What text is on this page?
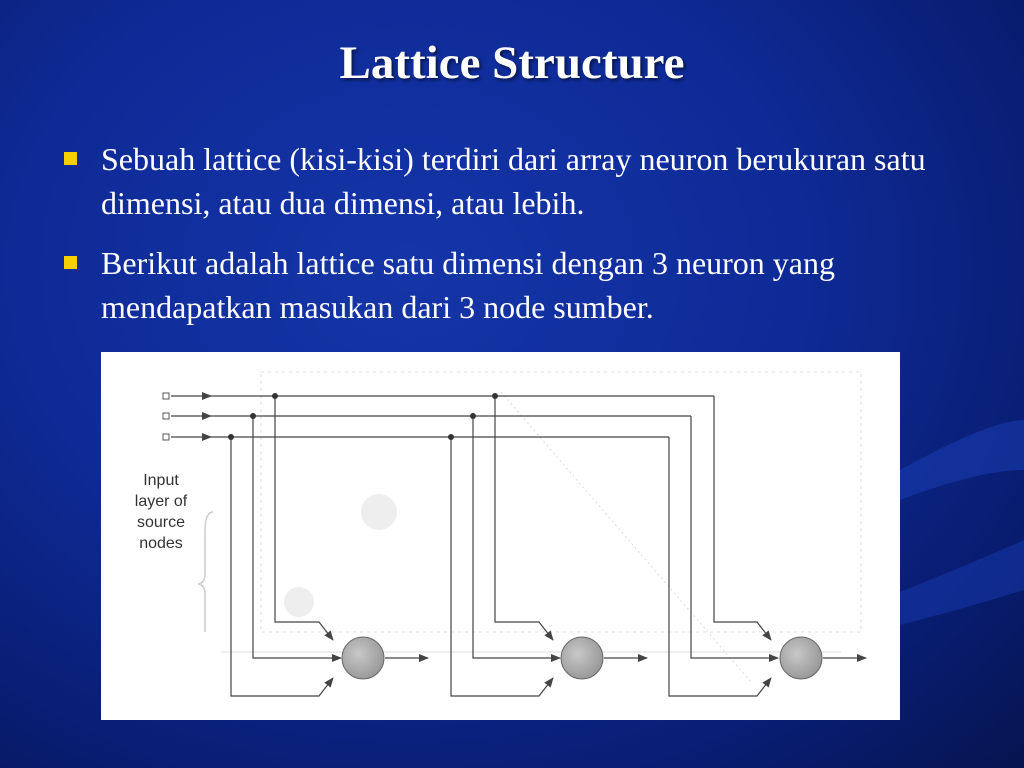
Lattice Structure
Sebuah lattice (kisi-kisi) terdiri dari array neuron berukuran satu dimensi, atau dua dimensi, atau lebih.
Berikut adalah lattice satu dimensi dengan 3 neuron yang mendapatkan masukan dari 3 node sumber.
Input
layer of
source
nodes
